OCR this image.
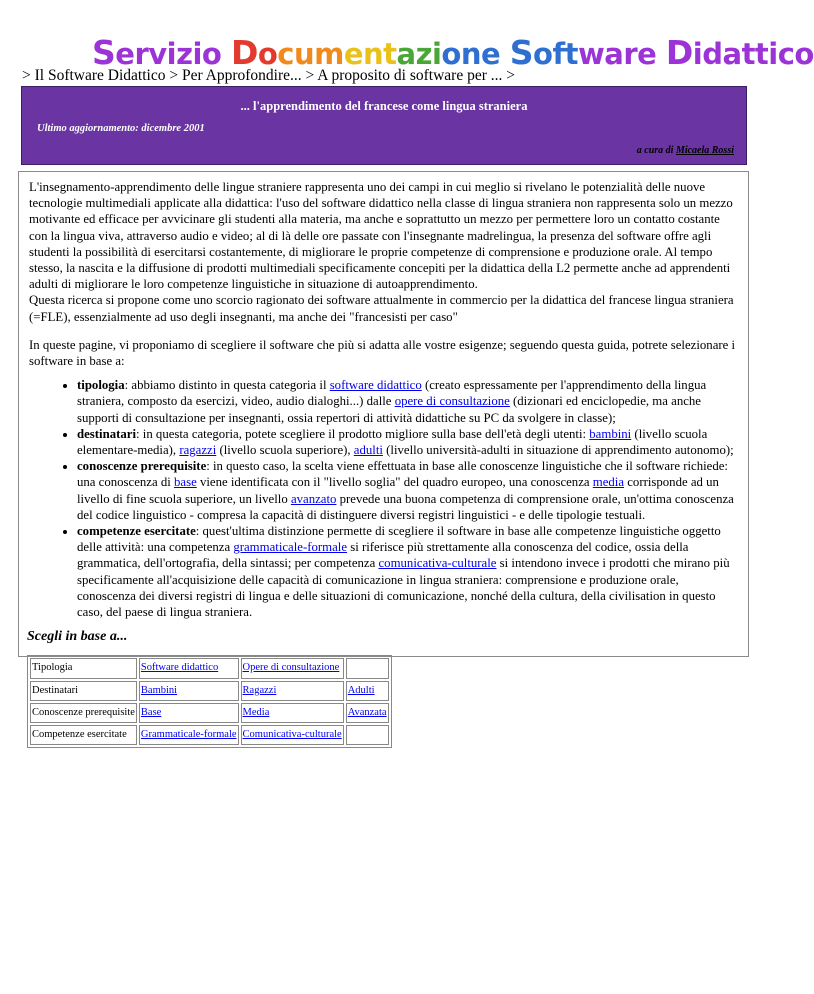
Servizio Documentazione Software Didattico
> Il Software Didattico > Per Approfondire... > A proposito di software per ... >
... l'apprendimento del francese come lingua straniera
Ultimo aggiornamento: dicembre 2001
a cura di Micaela Rossi

L'insegnamento-apprendimento delle lingue straniere rappresenta uno dei campi in cui meglio si rivelano le potenzialità delle nuove tecnologie multimediali applicate alla didattica: l'uso del software didattico nella classe di lingua straniera non rappresenta solo un mezzo motivante ed efficace per avvicinare gli studenti alla materia, ma anche e soprattutto un mezzo per permettere loro un contatto costante con la lingua viva, attraverso audio e video; al di là delle ore passate con l'insegnante madrelingua, la presenza del software offre agli studenti la possibilità di esercitarsi costantemente, di migliorare le proprie competenze di comprensione e produzione orale. Al tempo stesso, la nascita e la diffusione di prodotti multimediali specificamente concepiti per la didattica della L2 permette anche ad apprendenti adulti di migliorare le loro competenze linguistiche in situazione di autoapprendimento.
Questa ricerca si propone come uno scorcio ragionato dei software attualmente in commercio per la didattica del francese lingua straniera (=FLE), essenzialmente ad uso degli insegnanti, ma anche dei "francesisti per caso"

In queste pagine, vi proponiamo di scegliere il software che più si adatta alle vostre esigenze; seguendo questa guida, potrete selezionare i software in base a:

• tipologia: abbiamo distinto in questa categoria il software didattico (creato espressamente per l'apprendimento della lingua straniera, composto da esercizi, video, audio dialoghi...) dalle opere di consultazione (dizionari ed enciclopedie, ma anche supporti di consultazione per insegnanti, ossia repertori di attività didattiche su PC da svolgere in classe);
• destinatari: in questa categoria, potete scegliere il prodotto migliore sulla base dell'età degli utenti: bambini (livello scuola elementare-media), ragazzi (livello scuola superiore), adulti (livello università-adulti in situazione di apprendimento autonomo);
• conoscenze prerequisite: in questo caso, la scelta viene effettuata in base alle conoscenze linguistiche che il software richiede: una conoscenza di base viene identificata con il "livello soglia" del quadro europeo, una conoscenza media corrisponde ad un livello di fine scuola superiore, un livello avanzato prevede una buona competenza di comprensione orale, un'ottima conoscenza del codice linguistico - compresa la capacità di distinguere diversi registri linguistici - e delle tipologie testuali.
• competenze esercitate: quest'ultima distinzione permette di scegliere il software in base alle competenze linguistiche oggetto delle attività: una competenza grammaticale-formale si riferisce più strettamente alla conoscenza del codice, ossia della grammatica, dell'ortografia, della sintassi; per competenza comunicativa-culturale si intendono invece i prodotti che mirano più specificamente all'acquisizione delle capacità di comunicazione in lingua straniera: comprensione e produzione orale, conoscenza dei diversi registri di lingua e delle situazioni di comunicazione, nonché della cultura, della civilisation in questo caso, del paese di lingua straniera.
Scegli in base a...
Tipologia	Software didattico	Opere di consultazione	
Destinatari	Bambini	Ragazzi	Adulti
Conoscenze prerequisite	Base	Media	Avanzata
Competenze esercitate	Grammaticale-formale	Comunicativa-culturale	
